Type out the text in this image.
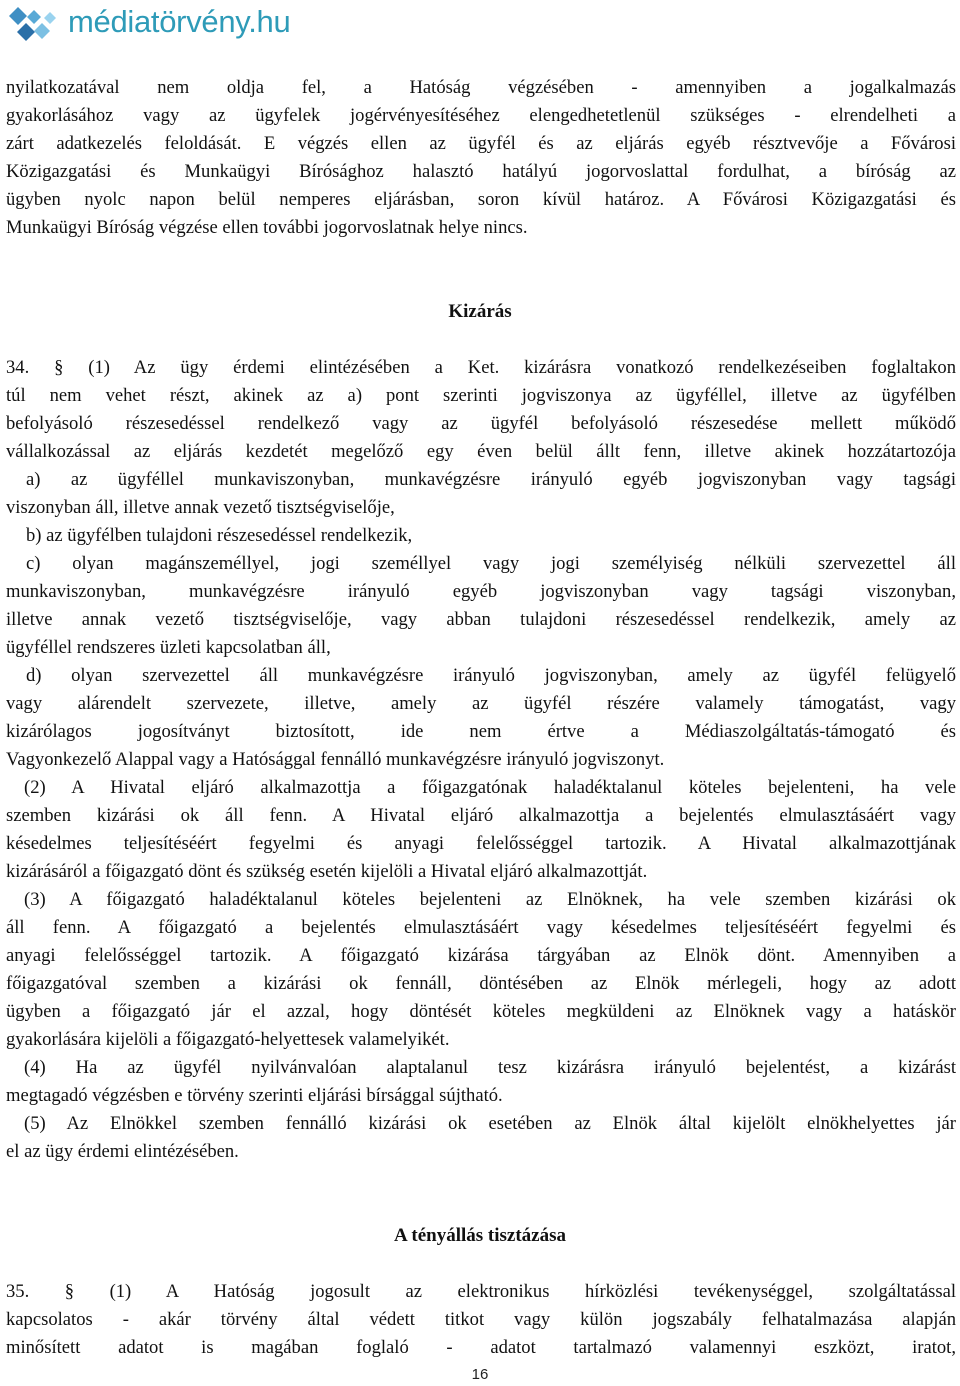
médiatörvény.hu
nyilatkozatával nem oldja fel, a Hatóság végzésében - amennyiben a jogalkalmazás
gyakorlásához vagy az ügyfelek jogérvényesítéséhez elengedhetetlenül szükséges - elrendelheti a
zárt adatkezelés feloldását. E végzés ellen az ügyfél és az eljárás egyéb résztvevője a Fővárosi
Közigazgatási és Munkaügyi Bírósághoz halasztó hatályú jogorvoslattal fordulhat, a bíróság az
ügyben nyolc napon belül nemperes eljárásban, soron kívül határoz. A Fővárosi Közigazgatási és
Munkaügyi Bíróság végzése ellen további jogorvoslatnak helye nincs.
Kizárás
34. § (1) Az ügy érdemi elintézésében a Ket. kizárásra vonatkozó rendelkezéseiben foglaltakon
túl nem vehet részt, akinek az a) pont szerinti jogviszonya az ügyféllel, illetve az ügyfélben
befolyásoló részesedéssel rendelkező vagy az ügyfél befolyásoló részesedése mellett működő
vállalkozással az eljárás kezdetét megelőző egy éven belül állt fenn, illetve akinek hozzátartozója
a) az ügyféllel munkaviszonyban, munkavégzésre irányuló egyéb jogviszonyban vagy tagsági
viszonyban áll, illetve annak vezető tisztségviselője,
b) az ügyfélben tulajdoni részesedéssel rendelkezik,
c) olyan magánszeméllyel, jogi személlyel vagy jogi személyiség nélküli szervezettel áll
munkaviszonyban, munkavégzésre irányuló egyéb jogviszonyban vagy tagsági viszonyban,
illetve annak vezető tisztségviselője, vagy abban tulajdoni részesedéssel rendelkezik, amely az
ügyféllel rendszeres üzleti kapcsolatban áll,
d) olyan szervezettel áll munkavégzésre irányuló jogviszonyban, amely az ügyfél felügyelő
vagy alárendelt szervezete, illetve, amely az ügyfél részére valamely támogatást, vagy
kizárólagos jogosítványt biztosított, ide nem értve a Médiaszolgáltatás-támogató és
Vagyonkezelő Alappal vagy a Hatósággal fennálló munkavégzésre irányuló jogviszonyt.
(2) A Hivatal eljáró alkalmazottja a főigazgatónak haladéktalanul köteles bejelenteni, ha vele
szemben kizárási ok áll fenn. A Hivatal eljáró alkalmazottja a bejelentés elmulasztásáért vagy
késedelmes teljesítéséért fegyelmi és anyagi felelősséggel tartozik. A Hivatal alkalmazottjának
kizárásáról a főigazgató dönt és szükség esetén kijelöli a Hivatal eljáró alkalmazottját.
(3) A főigazgató haladéktalanul köteles bejelenteni az Elnöknek, ha vele szemben kizárási ok
áll fenn. A főigazgató a bejelentés elmulasztásáért vagy késedelmes teljesítéséért fegyelmi és
anyagi felelősséggel tartozik. A főigazgató kizárása tárgyában az Elnök dönt. Amennyiben a
főigazgatóval szemben a kizárási ok fennáll, döntésében az Elnök mérlegeli, hogy az adott
ügyben a főigazgató jár el azzal, hogy döntését köteles megküldeni az Elnöknek vagy a hatáskör
gyakorlására kijelöli a főigazgató-helyettesek valamelyikét.
(4) Ha az ügyfél nyilvánvalóan alaptalanul tesz kizárásra irányuló bejelentést, a kizárást
megtagadó végzésben e törvény szerinti eljárási bírsággal sújtható.
(5) Az Elnökkel szemben fennálló kizárási ok esetében az Elnök által kijelölt elnökhelyettes jár
el az ügy érdemi elintézésében.
A tényállás tisztázása
35. § (1) A Hatóság jogosult az elektronikus hírközlési tevékenységgel, szolgáltatással
kapcsolatos - akár törvény által védett titkot vagy külön jogszabály felhatalmazása alapján
minősített adatot is magában foglaló - adatot tartalmazó valamennyi eszközt, iratot,
16
